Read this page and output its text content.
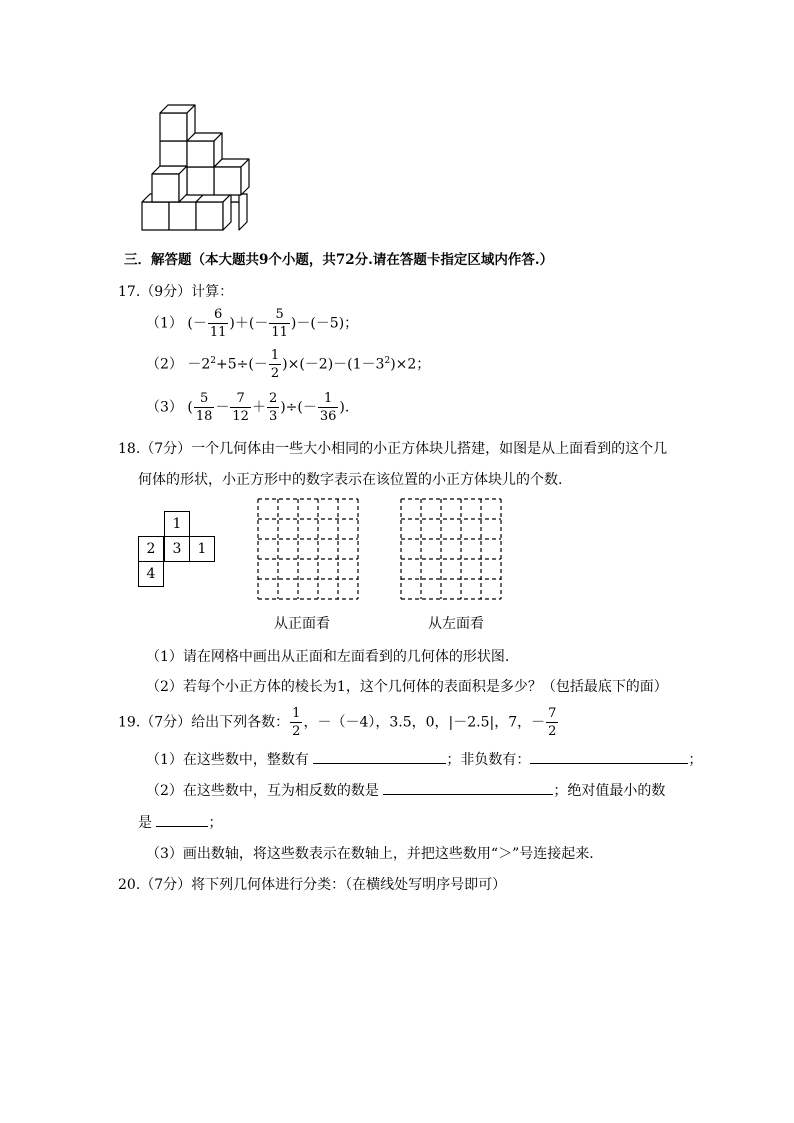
三．解答题（本大题共9个小题，共72分.请在答题卡指定区域内作答.）
17.（9分）计算：
（1） (－ $\frac{6}{11}$ )＋(－ $\frac{5}{11} )-(-5)$；
$(2) -2^2+5\div(- \frac{1}{2} )\times(-2)-(1-3^2)\times 2$；
（3） ( $\frac{5}{18} - \frac{7}{12} + \frac{2}{3}$ )÷(－ $\frac{1}{36}$ ).
18.（7分）一个几何体由一些大小相同的小正方体块儿搭建，如图是从上面看到的这个几
何体的形状，小正方形中的数字表示在该位置的小正方体块儿的个数.
1
2	3	1
4
从正面看	从左面看
（1）请在网格中画出从正面和左面看到的几何体的形状图.
（2）若每个小正方体的棱长为1，这个几何体的表面积是多少？（包括最底下的面）
19.（7分）给出下列各数： $\frac{1}{2}$ ，－（－4），3.5，0，|－2.5|，7，－ $\frac{7}{2}$
（1）在这些数中，整数有	；非负数有：	；
（2）在这些数中，互为相反数的数是	；绝对值最小的数
是	；
（3）画出数轴，将这些数表示在数轴上，并把这些数用“＞”号连接起来.
20.（7分）将下列几何体进行分类：（在横线处写明序号即可）
